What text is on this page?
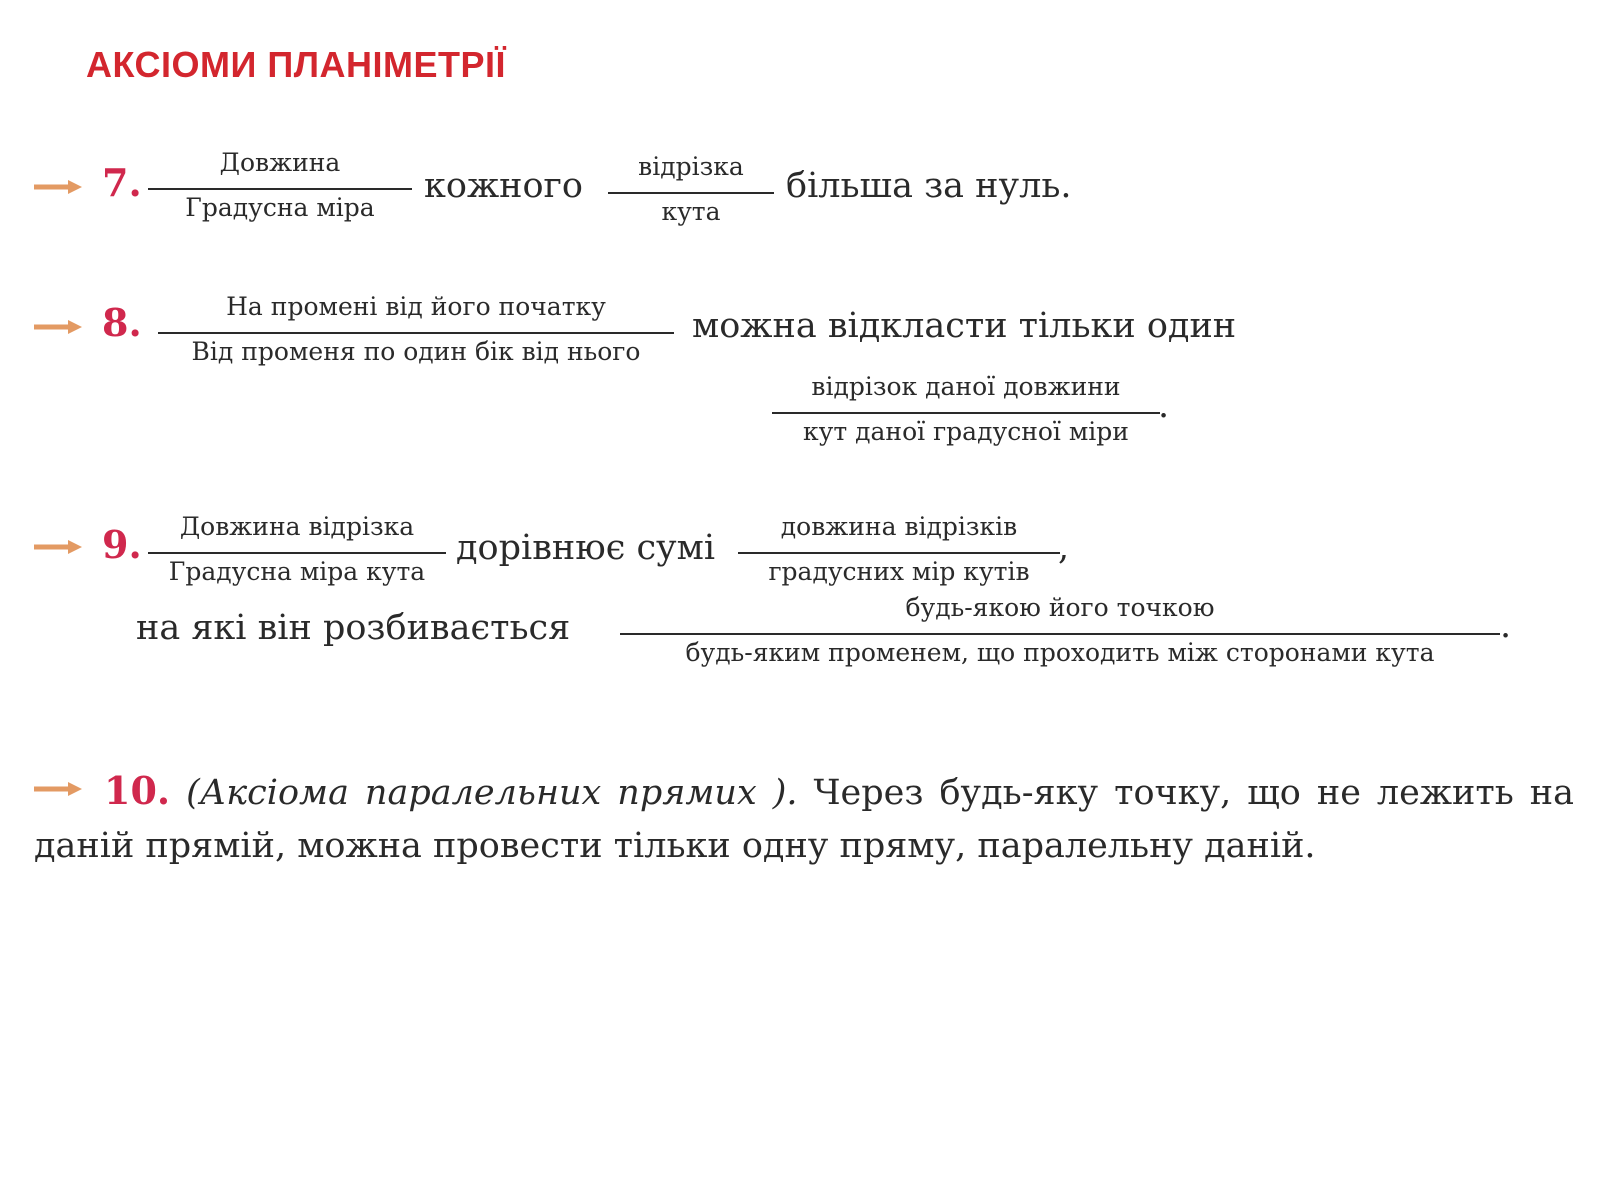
АКСІОМИ ПЛАНІМЕТРІЇ
7.	Довжина
Градусна міра
кожного	відрізка
кута
більша за нуль.
8.	На промені від його початку
Від променя по один бік від нього
можна відкласти тільки один
відрізок даної довжини
кут даної градусної міри
.
9.	Довжина відрізка
Градусна міра кута
дорівнює сумі
довжина відрізків
градусних мір кутів
,
на які він розбивається
будь-якою його точкою
будь-яким променем, що проходить між сторонами кута
.
10. (Аксіома паралельних прямих ). Через будь-яку точку, що не лежить на даній прямій, можна провести тільки одну пряму, паралельну даній.
